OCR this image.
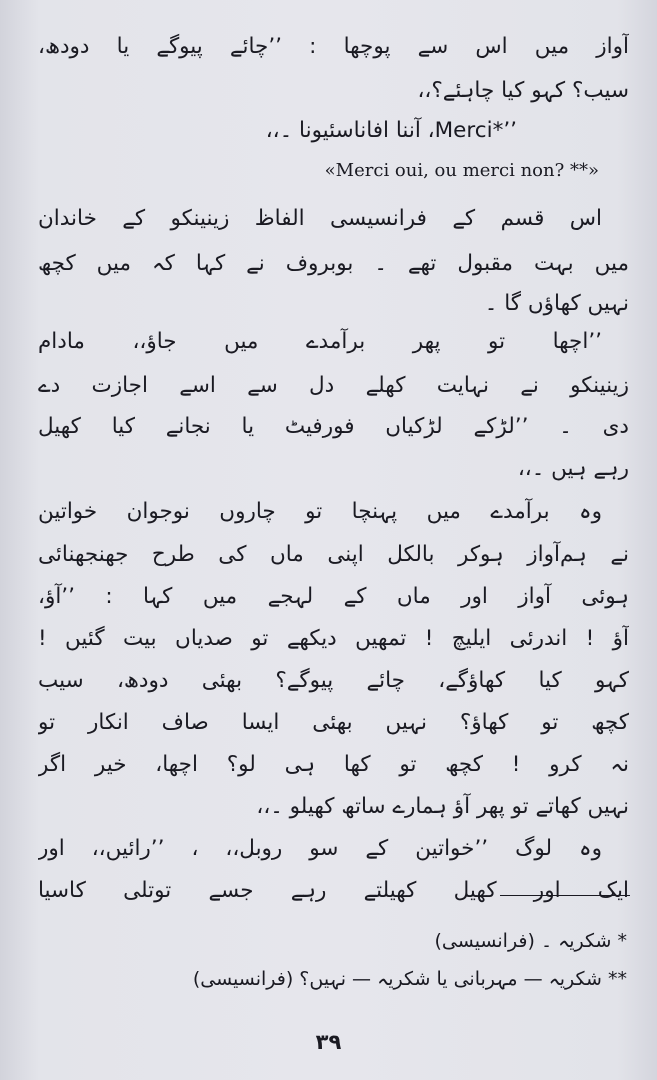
آواز میں اس سے پوچھا : ’’چائے پیوگے یا دودھ،
سیب؟ کہو کیا چاہئے؟،،
’’*Merci، آننا افاناسئیونا ۔،،
«Merci oui, ou merci non? **»
اس قسم کے فرانسیسی الفاظ زینینکو کے خاندان
میں بہت مقبول تھے ۔ بوبروف نے کہا کہ میں کچھ
نہیں کھاؤں گا ۔
’’اچھا تو پھر برآمدے میں جاؤ،، مادام
زینینکو نے نہایت کھلے دل سے اسے اجازت دے
دی ۔ ’’لڑکے لڑکیاں فورفیٹ یا نجانے کیا کھیل
رہے ہیں ۔،،
وہ برآمدے میں پہنچا تو چاروں نوجوان خواتین
نے ہم‌آواز ہوکر بالکل اپنی ماں کی طرح جھنجھنائی
ہوئی آواز اور ماں کے لہجے میں کہا : ’’آؤ،
آؤ ! اندرئی ایلیچ ! تمھیں دیکھے تو صدیاں بیت گئیں !
کہو کیا کھاؤگے، چائے پیوگے؟ بھئی دودھ، سیب
کچھ تو کھاؤ؟ نہیں بھئی ایسا صاف انکار تو
نہ کرو ! کچھ تو کھا ہی لو؟ اچھا، خیر اگر
نہیں کھاتے تو پھر آؤ ہمارے ساتھ کھیلو ۔،،
وہ لوگ ’’خواتین کے سو روبل،، ، ’’رائیں،، اور
ایک اور کھیل کھیلتے رہے جسے توتلی کاسیا
* شکریہ ۔ (فرانسیسی)
** شکریہ — مہربانی یا شکریہ — نہیں؟ (فرانسیسی)
۳۹
